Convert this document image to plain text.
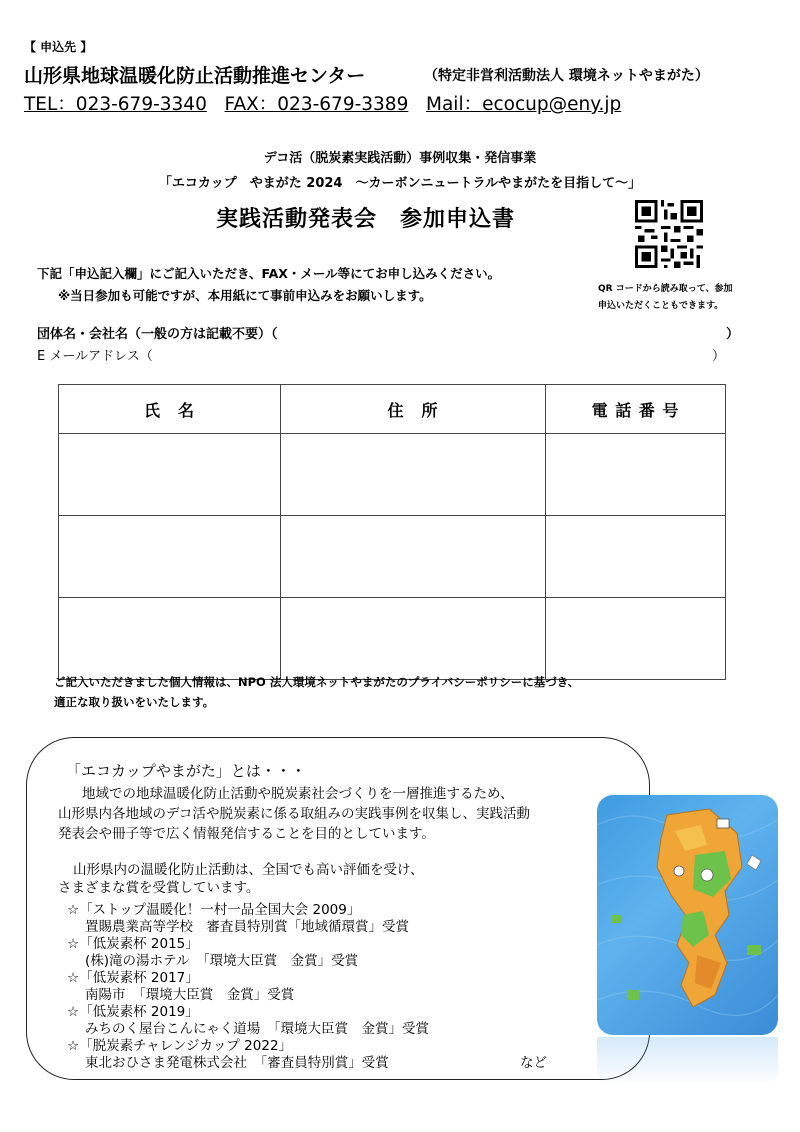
【 申込先 】
山形県地球温暖化防止活動推進センター	（特定非営利活動法人 環境ネットやまがた）
TEL：023-679-3340 FAX：023-679-3389 Mail：ecocup@eny.jp
デコ活（脱炭素実践活動）事例収集・発信事業
「エコカップ　やまがた 2024　～カーボンニュートラルやまがたを目指して～」
実践活動発表会　参加申込書
QR コードから読み取って、参加
申込いただくこともできます。
下記「申込記入欄」にご記入いただき、FAX・メール等にてお申し込みください。
※当日参加も可能ですが、本用紙にて事前申込みをお願いします。
団体名・会社名（一般の方は記載不要）（	）
E メールアドレス（	）
氏　名	住　所	電 話 番 号

ご記入いただきました個人情報は、NPO 法人環境ネットやまがたのプライバシーポリシーに基づき、
適正な取り扱いをいたします。
「エコカップやまがた」とは・・・
地域での地球温暖化防止活動や脱炭素社会づくりを一層推進するため、
山形県内各地域のデコ活や脱炭素に係る取組みの実践事例を収集し、実践活動
発表会や冊子等で広く情報発信することを目的としています。
山形県内の温暖化防止活動は、全国でも高い評価を受け、
さまざまな賞を受賞しています。
☆「ストップ温暖化！一村一品全国大会 2009」
置賜農業高等学校　審査員特別賞「地域循環賞」受賞
☆「低炭素杯 2015」
(株)滝の湯ホテル　「環境大臣賞　金賞」受賞
☆「低炭素杯 2017」
南陽市　「環境大臣賞　金賞」受賞
☆「低炭素杯 2019」
みちのく屋台こんにゃく道場　「環境大臣賞　金賞」受賞
☆「脱炭素チャレンジカップ 2022」
東北おひさま発電株式会社　「審査員特別賞」受賞	など
